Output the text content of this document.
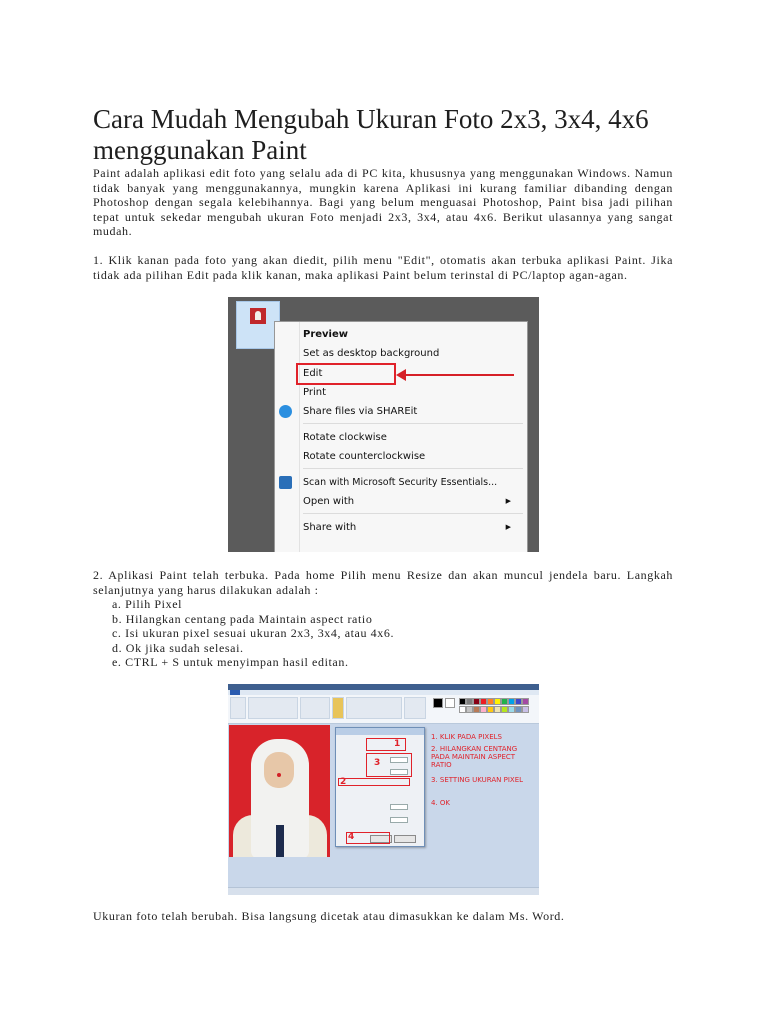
Cara Mudah Mengubah Ukuran Foto 2x3, 3x4, 4x6 menggunakan Paint

Paint adalah aplikasi edit foto yang selalu ada di PC kita, khususnya yang menggunakan Windows. Namun tidak banyak yang menggunakannya, mungkin karena Aplikasi ini kurang familiar dibanding dengan Photoshop dengan segala kelebihannya. Bagi yang belum menguasai Photoshop, Paint bisa jadi pilihan tepat untuk sekedar mengubah ukuran Foto menjadi 2x3, 3x4, atau 4x6. Berikut ulasannya yang sangat mudah.

1. Klik kanan pada foto yang akan diedit, pilih menu "Edit", otomatis akan terbuka aplikasi Paint. Jika tidak ada pilihan Edit pada klik kanan, maka aplikasi Paint belum terinstal di PC/laptop agan-agan.

Preview
Set as desktop background
Edit
Print
Share files via SHAREit
Rotate clockwise
Rotate counterclockwise
Scan with Microsoft Security Essentials...
Open with	▶
Share with	▶

2. Aplikasi Paint telah terbuka. Pada home Pilih menu Resize dan akan muncul jendela baru. Langkah selanjutnya yang harus dilakukan adalah :

a. Pilih Pixel
b. Hilangkan centang pada Maintain aspect ratio
c. Isi ukuran pixel sesuai ukuran 2x3, 3x4, atau 4x6.
d. Ok jika sudah selesai.
e. CTRL + S untuk menyimpan hasil editan.
1
2
3
4
1. KLIK PADA PIXELS
2. HILANGKAN CENTANG PADA MAINTAIN ASPECT RATIO
3. SETTING UKURAN PIXEL
4. OK

Ukuran foto telah berubah. Bisa langsung dicetak atau dimasukkan ke dalam Ms. Word.
